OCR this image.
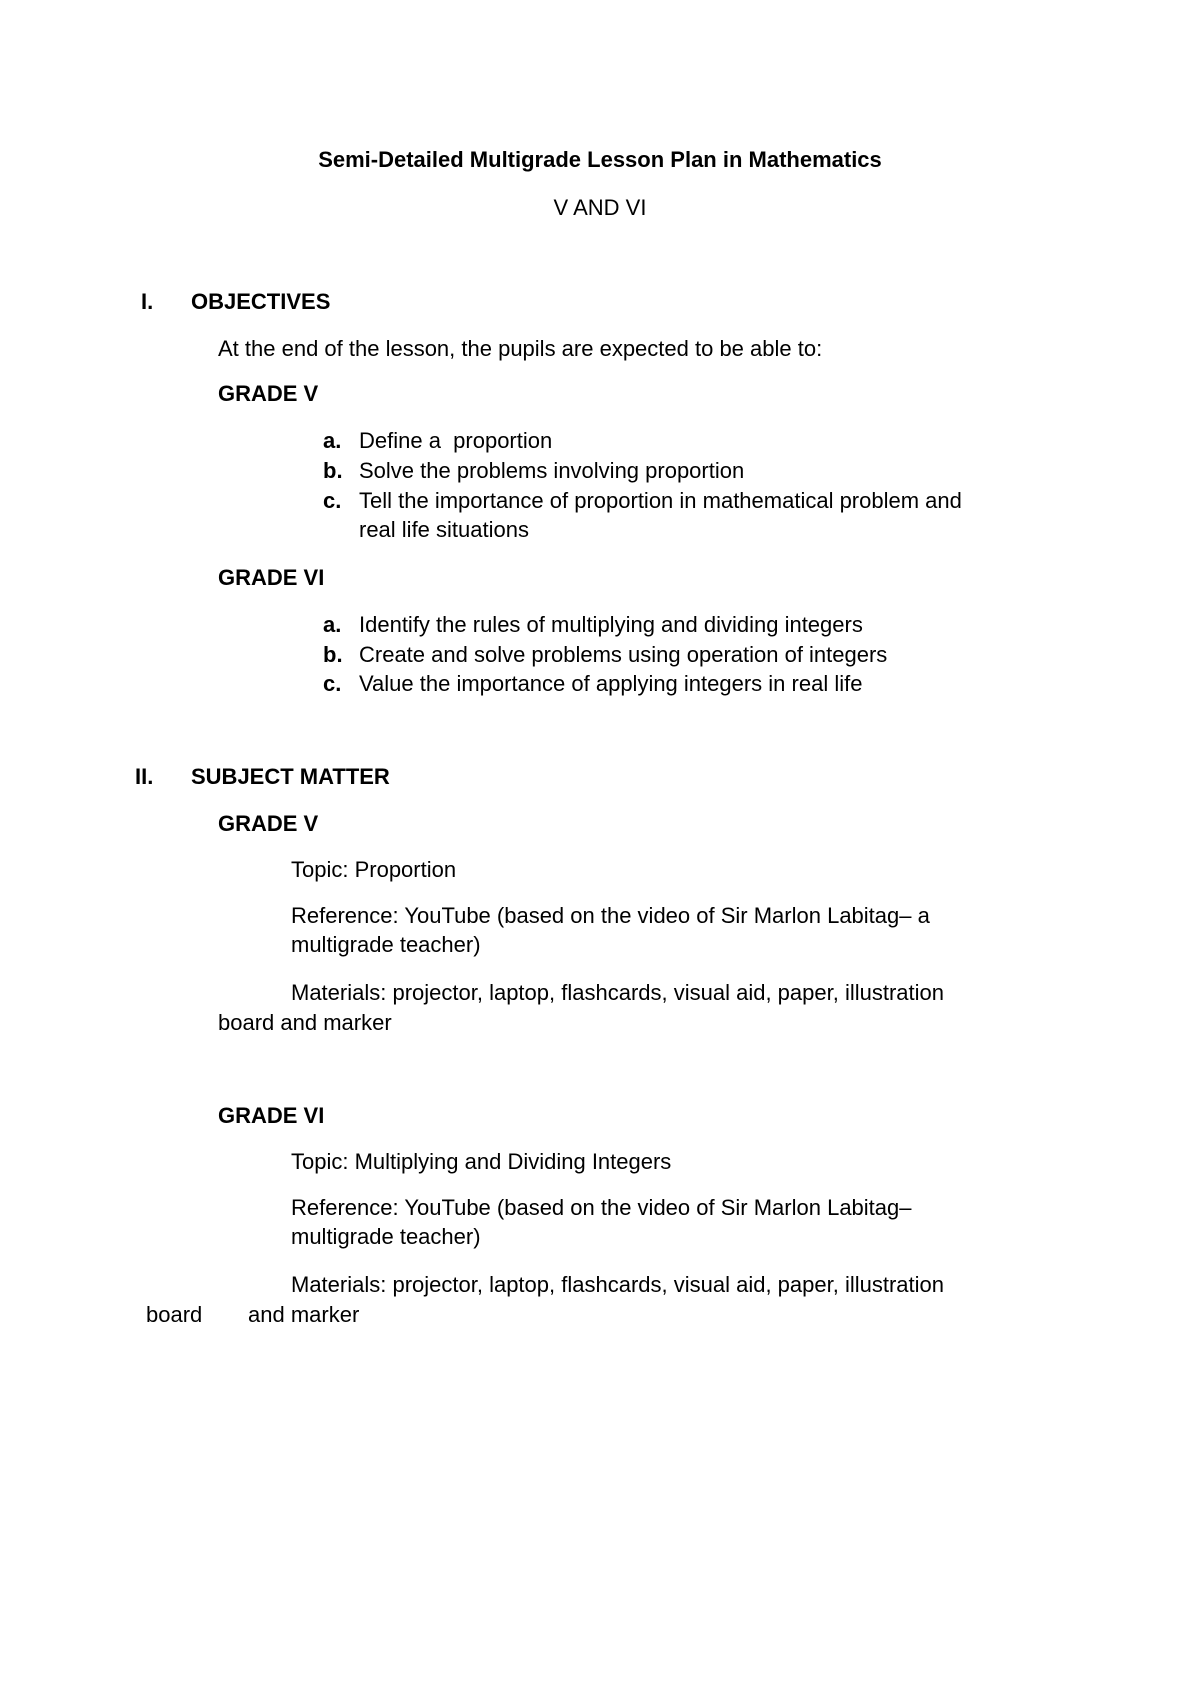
Semi-Detailed Multigrade Lesson Plan in Mathematics
V AND VI
I. OBJECTIVES
At the end of the lesson, the pupils are expected to be able to:
GRADE V
a. Define a  proportion
b. Solve the problems involving proportion
c. Tell the importance of proportion in mathematical problem and
real life situations
GRADE VI
a. Identify the rules of multiplying and dividing integers
b. Create and solve problems using operation of integers
c. Value the importance of applying integers in real life
II. SUBJECT MATTER
GRADE V
Topic: Proportion
Reference: YouTube (based on the video of Sir Marlon Labitag– a
multigrade teacher)
Materials: projector, laptop, flashcards, visual aid, paper, illustration
board and marker
GRADE VI
Topic: Multiplying and Dividing Integers
Reference: YouTube (based on the video of Sir Marlon Labitag–
multigrade teacher)
Materials: projector, laptop, flashcards, visual aid, paper, illustration
board and marker
